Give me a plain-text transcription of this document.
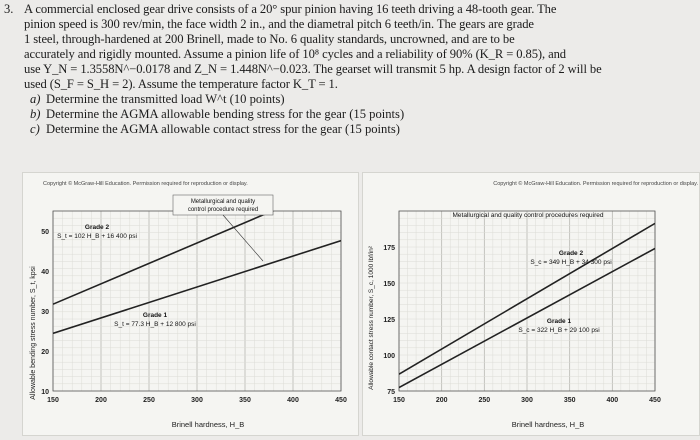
3. A commercial enclosed gear drive consists of a 20° spur pinion having 16 teeth driving a 48-tooth gear. The
pinion speed is 300 rev/min, the face width 2 in., and the diametral pitch 6 teeth/in. The gears are grade
1 steel, through-hardened at 200 Brinell, made to No. 6 quality standards, uncrowned, and are to be
accurately and rigidly mounted. Assume a pinion life of 10⁸ cycles and a reliability of 90% (K_R = 0.85), and
use Y_N = 1.3558N^−0.0178 and Z_N = 1.448N^−0.023. The gearset will transmit 5 hp. A design factor of 2 will be
used (S_F = S_H = 2). Assume the temperature factor K_T = 1.
a) Determine the transmitted load W^t (10 points)
b) Determine the AGMA allowable bending stress for the gear (15 points)
c) Determine the AGMA allowable contact stress for the gear (15 points)
Copyright © McGraw-Hill Education. Permission required for reproduction or display.
Allowable bending stress number, S_t, kpsi
Brinell hardness, H_B
150	200	250	300	350	400	450
10
20
30
40
50
Grade 2
S_t = 102 H_B + 16 400 psi
Grade 1
S_t = 77.3 H_B + 12 800 psi
Metallurgical and quality
control procedure required
Copyright © McGraw-Hill Education. Permission required for reproduction or display.
Allowable contact stress number, S_c, 1000 lbf/in²
Brinell hardness, H_B
150	200	250	300	350	400	450
75
100
125
150
175
Grade 2
S_c = 349 H_B + 34 300 psi
Grade 1
S_c = 322 H_B + 29 100 psi
Metallurgical and quality control procedures required
